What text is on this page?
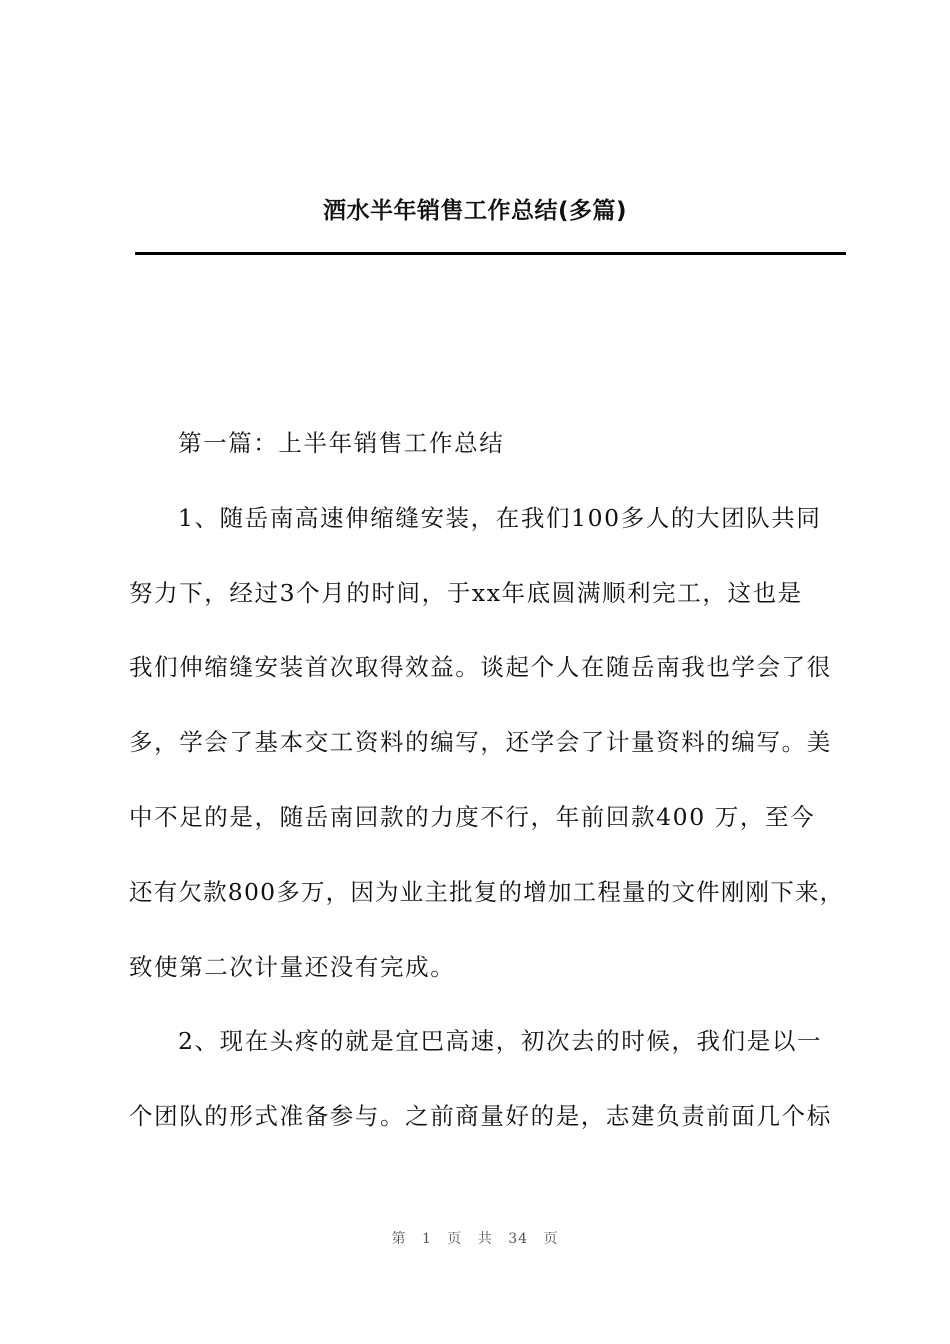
酒水半年销售工作总结(多篇)
第一篇：上半年销售工作总结
1、随岳南高速伸缩缝安装，在我们100多人的大团队共同
努力下，经过3个月的时间，于xx年底圆满顺利完工，这也是
我们伸缩缝安装首次取得效益。谈起个人在随岳南我也学会了很
多，学会了基本交工资料的编写，还学会了计量资料的编写。美
中不足的是，随岳南回款的力度不行，年前回款400 万，至今
还有欠款800多万，因为业主批复的增加工程量的文件刚刚下来，
致使第二次计量还没有完成。
2、现在头疼的就是宜巴高速，初次去的时候，我们是以一
个团队的形式准备参与。之前商量好的是，志建负责前面几个标
第 1 页 共 34 页
